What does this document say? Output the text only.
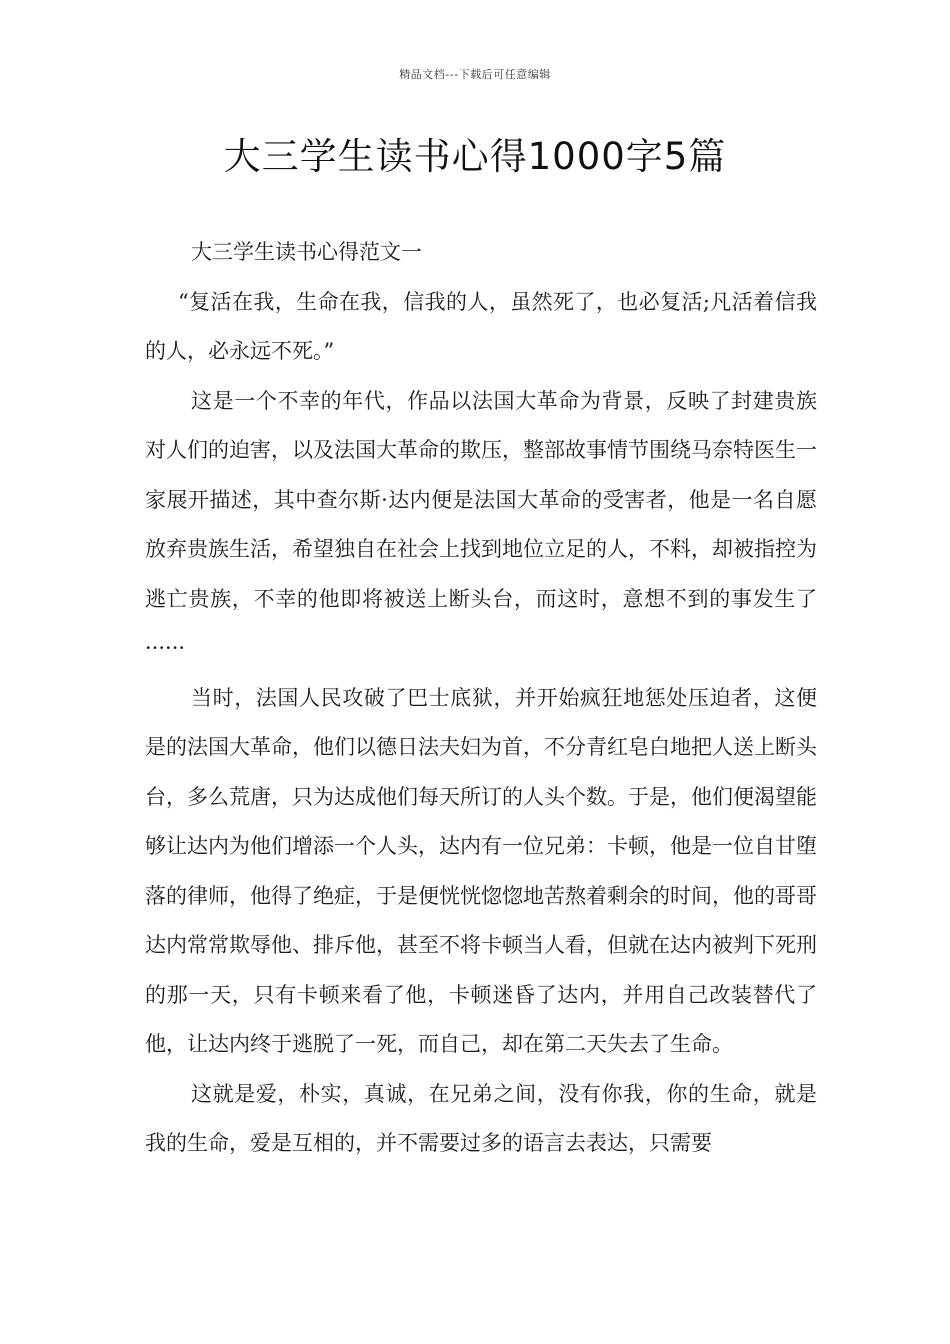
精品文档---下载后可任意编辑
大三学生读书心得1000字5篇

大三学生读书心得范文一

“复活在我，生命在我，信我的人，虽然死了，也必复活;凡活着信我的人，必永远不死。”

这是一个不幸的年代，作品以法国大革命为背景，反映了封建贵族对人们的迫害，以及法国大革命的欺压，整部故事情节围绕马奈特医生一家展开描述，其中查尔斯·达内便是法国大革命的受害者，他是一名自愿放弃贵族生活，希望独自在社会上找到地位立足的人，不料，却被指控为逃亡贵族，不幸的他即将被送上断头台，而这时，意想不到的事发生了······

当时，法国人民攻破了巴士底狱，并开始疯狂地惩处压迫者，这便是的法国大革命，他们以德日法夫妇为首，不分青红皂白地把人送上断头台，多么荒唐，只为达成他们每天所订的人头个数。于是，他们便渴望能够让达内为他们增添一个人头，达内有一位兄弟：卡顿，他是一位自甘堕落的律师，他得了绝症，于是便恍恍惚惚地苦熬着剩余的时间，他的哥哥达内常常欺辱他、排斥他，甚至不将卡顿当人看，但就在达内被判下死刑的那一天，只有卡顿来看了他，卡顿迷昏了达内，并用自己改装替代了他，让达内终于逃脱了一死，而自己，却在第二天失去了生命。

这就是爱，朴实，真诚，在兄弟之间，没有你我，你的生命，就是我的生命，爱是互相的，并不需要过多的语言去表达，只需要
